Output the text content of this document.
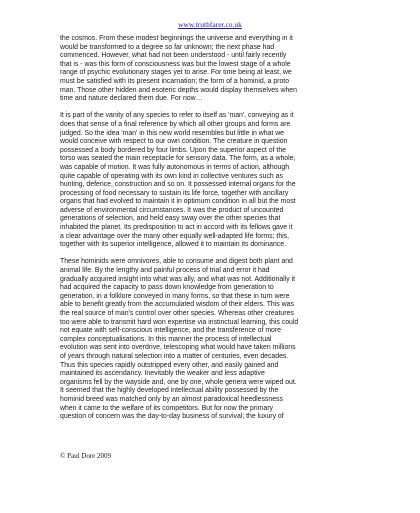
www.truthfarer.co.uk

the cosmos. From these modest beginnings the universe and everything in it
would be transformed to a degree so far unknown; the next phase had
commenced. However, what had not been understood - until fairly recently
that is - was this form of consciousness was but the lowest stage of a whole
range of psychic evolutionary stages yet to arise. For time being at least, we
must be satisfied with its present incarnation; the form of a hominid, a proto
man. Those other hidden and esoteric depths would display themselves when
time and nature declared them due. For now…

It is part of the vanity of any species to refer to itself as 'man', conveying as it
does that sense of a final reference by which all other groups and forms are
judged. So the idea 'man' in this new world resembles but little in what we
would conceive with respect to our own condition. The creature in question
possessed a body bordered by four limbs. Upon the superior aspect of the
torso was seated the main receptacle for sensory data. The form, as a whole,
was capable of motion. It was fully autonomous in terms of action, although
quite capable of operating with its own kind in collective ventures such as
hunting, defence, construction and so on. It possessed internal organs for the
processing of food necessary to sustain its life force, together with ancillary
organs that had evolved to maintain it in optimum condition in all but the most
adverse of environmental circumstances. It was the product of uncounted
generations of selection, and held easy sway over the other species that
inhabited the planet. Its predisposition to act in accord with its fellows gave it
a clear advantage over the many other equally well-adapted life forms; this,
together with its superior intelligence, allowed it to maintain its dominance.

These hominids were omnivores, able to consume and digest both plant and
animal life. By the lengthy and painful process of trial and error it had
gradually acquired insight into what was ally, and what was not. Additionally it
had acquired the capacity to pass down knowledge from generation to
generation, in a folklore conveyed in many forms, so that these in turn were
able to benefit greatly from the accumulated wisdom of their elders. This was
the real source of man's control over other species. Whereas other creatures
too were able to transmit hard won expertise via instinctual learning, this could
not equate with self-conscious intelligence, and the transference of more
complex conceptualisations. In this manner the process of intellectual
evolution was sent into overdrive, telescoping what would have taken millions
of years through natural selection into a matter of centuries, even decades.
Thus this species rapidly outstripped every other, and easily gained and
maintained its ascendancy. Inevitably the weaker and less adaptive
organisms fell by the wayside and, one by one, whole genera were wiped out.
It seemed that the highly developed intellectual ability possessed by the
hominid breed was matched only by an almost paradoxical heedlessness
when it came to the welfare of its competitors. But for now the primary
question of concern was the day-to-day business of survival; the luxury of

© Paul Dore 2009
